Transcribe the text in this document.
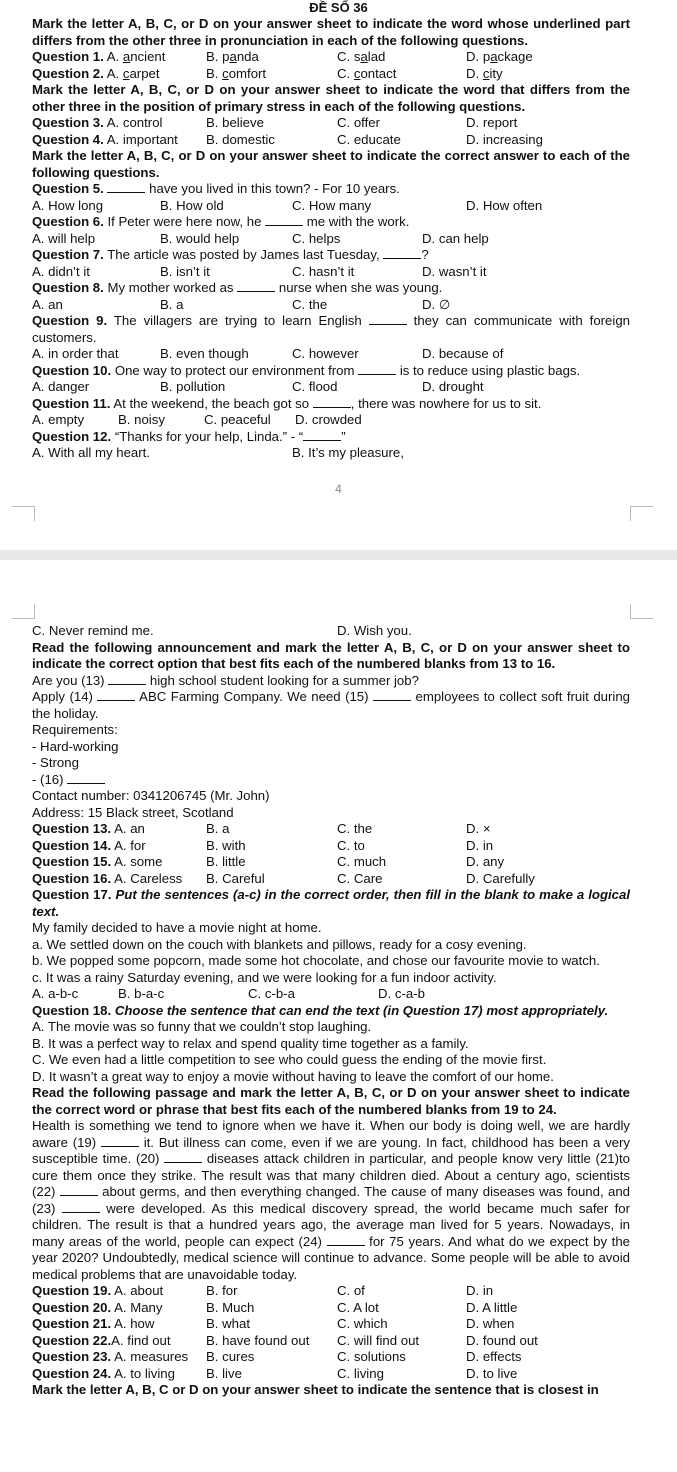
ĐỀ SỐ 36
Mark the letter A, B, C, or D on your answer sheet to indicate the word whose underlined part differs from the other three in pronunciation in each of the following questions.
Question 1. A. ancient	B. panda	C. salad	D. package
Question 2. A. carpet	B. comfort	C. contact	D. city
Mark the letter A, B, C, or D on your answer sheet to indicate the word that differs from the other three in the position of primary stress in each of the following questions.
Question 3. A. control	B. believe	C. offer	D. report
Question 4. A. important B. domestic	C. educate	D. increasing
Mark the letter A, B, C, or D on your answer sheet to indicate the correct answer to each of the following questions.
Question 5.	have you lived in this town? - For 10 years.
A. How long	B. How old	C. How many	D. How often
Question 6. If Peter were here now, he	me with the work.
A. will help	B. would help	C. helps	D. can help
Question 7. The article was posted by James last Tuesday,	?
A. didn’t it	B. isn’t it	C. hasn’t it	D. wasn’t it
Question 8. My mother worked as	nurse when she was young.
A. an	B. a	C. the	D. ∅
Question 9. The villagers are trying to learn English	they can communicate with foreign customers.
A. in order that	B. even though	C. however	D. because of
Question 10. One way to protect our environment from	is to reduce using plastic bags.
A. danger	B. pollution	C. flood	D. drought
Question 11. At the weekend, the beach got so	, there was nowhere for us to sit.
A. empty	B. noisy	C. peaceful D. crowded
Question 12. “Thanks for your help, Linda.” - “	”
A. With all my heart.	B. It’s my pleasure,
4
C. Never remind me.	D. Wish you.
Read the following announcement and mark the letter A, B, C, or D on your answer sheet to indicate the correct option that best fits each of the numbered blanks from 13 to 16.
Are you (13)	high school student looking for a summer job?
Apply (14)	ABC Farming Company. We need (15)	employees to collect soft fruit during the holiday.
Requirements:
- Hard-working
- Strong
- (16)
Contact number: 0341206745 (Mr. John)
Address: 15 Black street, Scotland
Question 13. A. an	B. a	C. the	D. ×
Question 14. A. for	B. with	C. to	D. in
Question 15. A. some	B. little	C. much	D. any
Question 16. A. Careless B. Careful	C. Care	D. Carefully
Question 17. Put the sentences (a-c) in the correct order, then fill in the blank to make a logical text.
My family decided to have a movie night at home.
a. We settled down on the couch with blankets and pillows, ready for a cosy evening.
b. We popped some popcorn, made some hot chocolate, and chose our favourite movie to watch.
c. It was a rainy Saturday evening, and we were looking for a fun indoor activity.
A. a-b-c	B. b-a-c	C. c-b-a	D. c-a-b
Question 18. Choose the sentence that can end the text (in Question 17) most appropriately.
A. The movie was so funny that we couldn’t stop laughing.
B. It was a perfect way to relax and spend quality time together as a family.
C. We even had a little competition to see who could guess the ending of the movie first.
D. It wasn’t a great way to enjoy a movie without having to leave the comfort of our home.
Read the following passage and mark the letter A, B, C, or D on your answer sheet to indicate the correct word or phrase that best fits each of the numbered blanks from 19 to 24.
Health is something we tend to ignore when we have it. When our body is doing well, we are hardly aware (19)	it. But illness can come, even if we are young. In fact, childhood has been a very susceptible time. (20)	diseases attack children in particular, and people know very little (21)to cure them once they strike. The result was that many children died. About a century ago, scientists (22)	about germs, and then everything changed. The cause of many diseases was found, and (23)	were developed. As this medical discovery spread, the world became much safer for children. The result is that a hundred years ago, the average man lived for 5 years. Nowadays, in many areas of the world, people can expect (24)	for 75 years. And what do we expect by the year 2020? Undoubtedly, medical science will continue to advance. Some people will be able to avoid medical problems that are unavoidable today.
Question 19. A. about	B. for	C. of	D. in
Question 20. A. Many	B. Much	C. A lot	D. A little
Question 21. A. how	B. what	C. which	D. when
Question 22.A. find out	B. have found out C. will find out	D. found out
Question 23. A. measures B. cures	C. solutions	D. effects
Question 24. A. to living B. live	C. living	D. to live
Mark the letter A, B, C or D on your answer sheet to indicate the sentence that is closest in
